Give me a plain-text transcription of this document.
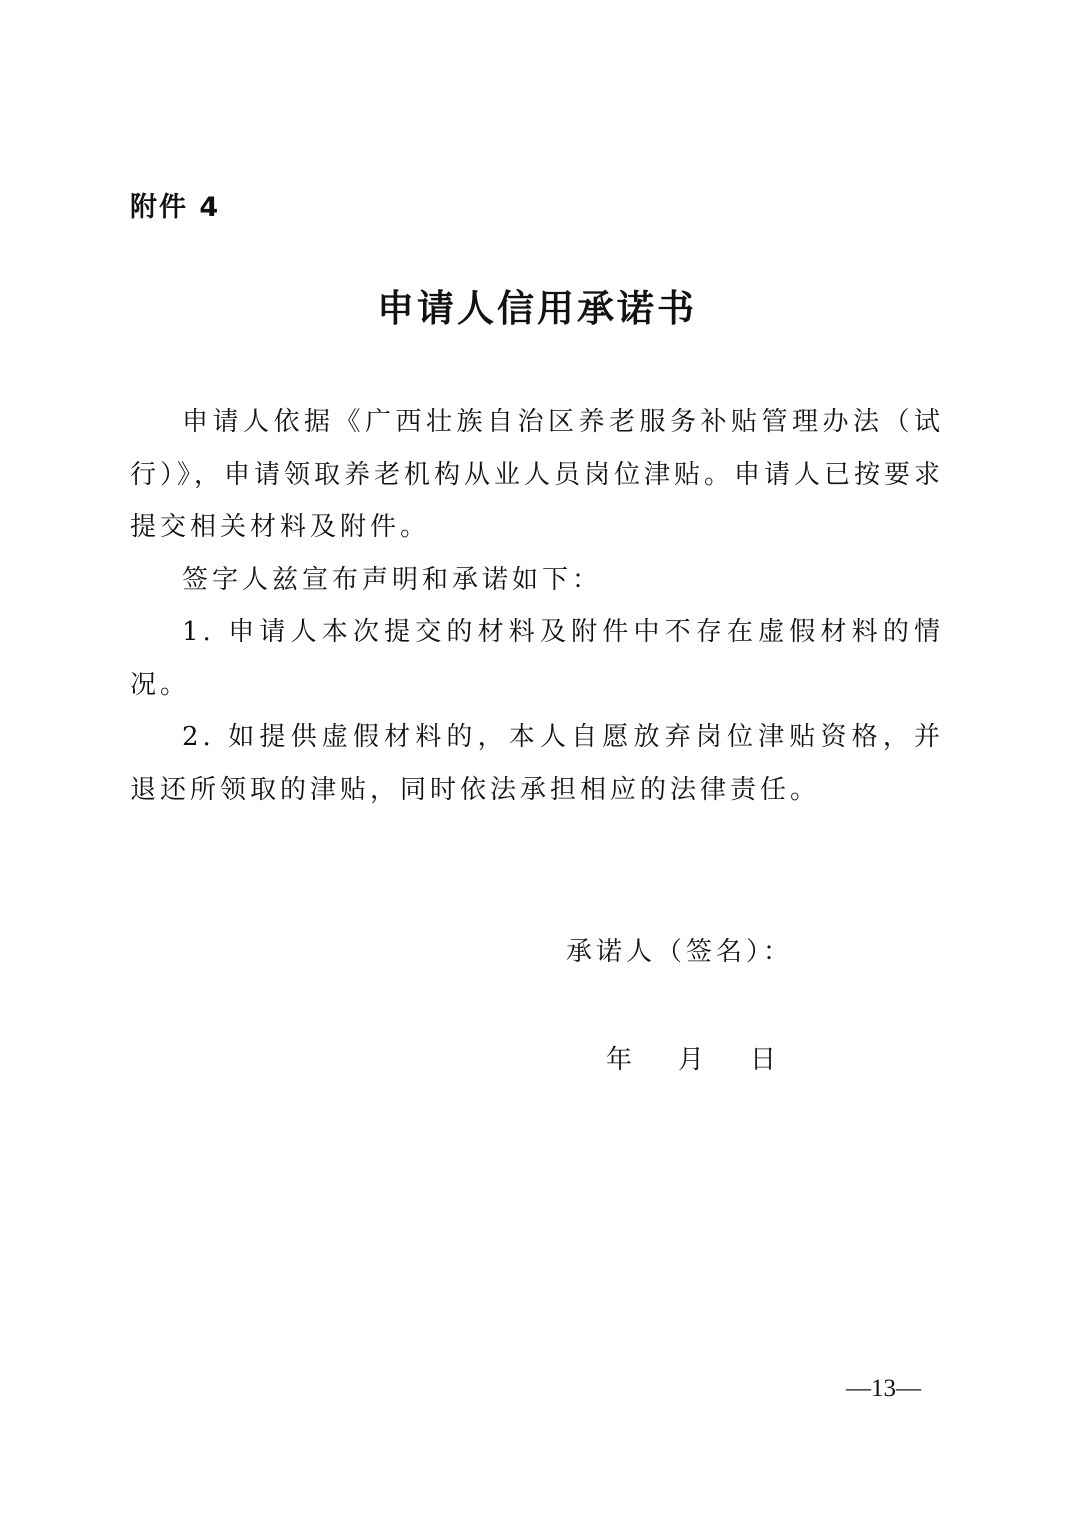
附件 4
申请人信用承诺书

申请人依据《广西壮族自治区养老服务补贴管理办法（试行）》，申请领取养老机构从业人员岗位津贴。申请人已按要求提交相关材料及附件。

签字人兹宣布声明和承诺如下：

1. 申请人本次提交的材料及附件中不存在虚假材料的情况。

2. 如提供虚假材料的，本人自愿放弃岗位津贴资格，并退还所领取的津贴，同时依法承担相应的法律责任。

承诺人（签名）：
年 月 日
—13—
